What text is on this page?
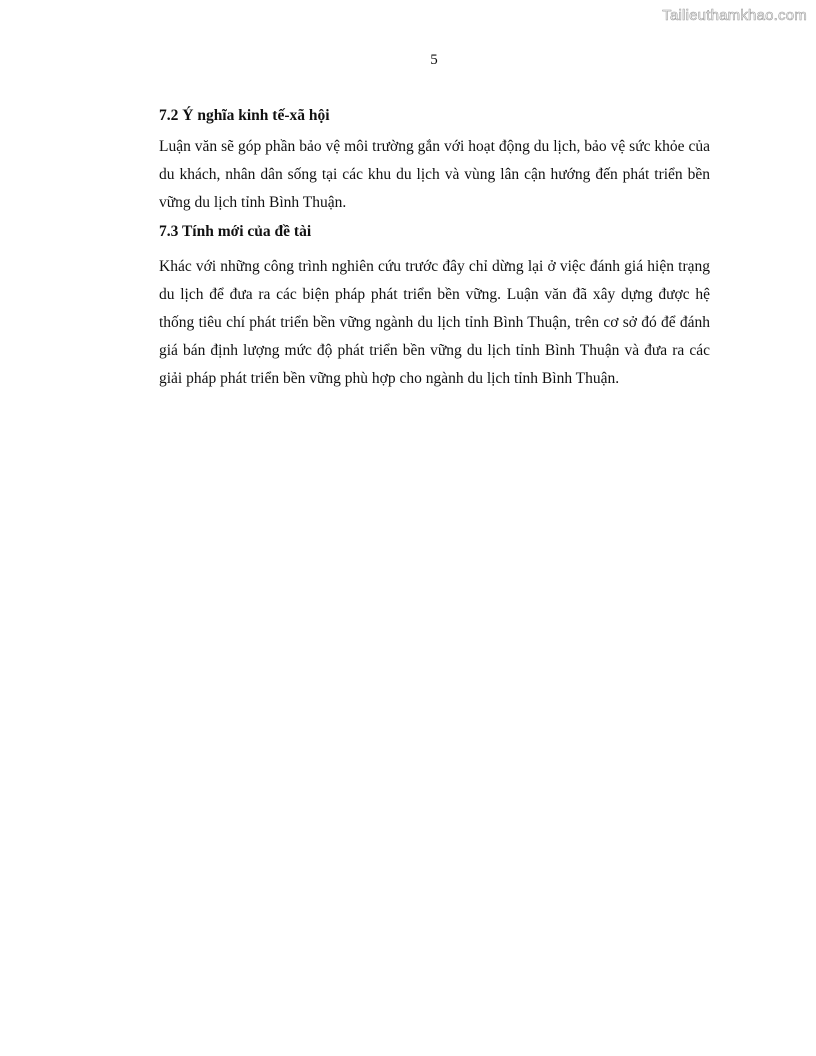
Tailieuthamkhao.com
5
7.2 Ý nghĩa kinh tế-xã hội

Luận văn sẽ góp phần bảo vệ môi trường gắn với hoạt động du lịch, bảo vệ sức khỏe của du khách, nhân dân sống tại các khu du lịch và vùng lân cận hướng đến phát triển bền vững du lịch tỉnh Bình Thuận.

7.3 Tính mới của đề tài

Khác với những công trình nghiên cứu trước đây chỉ dừng lại ở việc đánh giá hiện trạng du lịch để đưa ra các biện pháp phát triển bền vững. Luận văn đã xây dựng được hệ thống tiêu chí phát triển bền vững ngành du lịch tỉnh Bình Thuận, trên cơ sở đó để đánh giá bán định lượng mức độ phát triển bền vững du lịch tỉnh Bình Thuận và đưa ra các giải pháp phát triển bền vững phù hợp cho ngành du lịch tỉnh Bình Thuận.
